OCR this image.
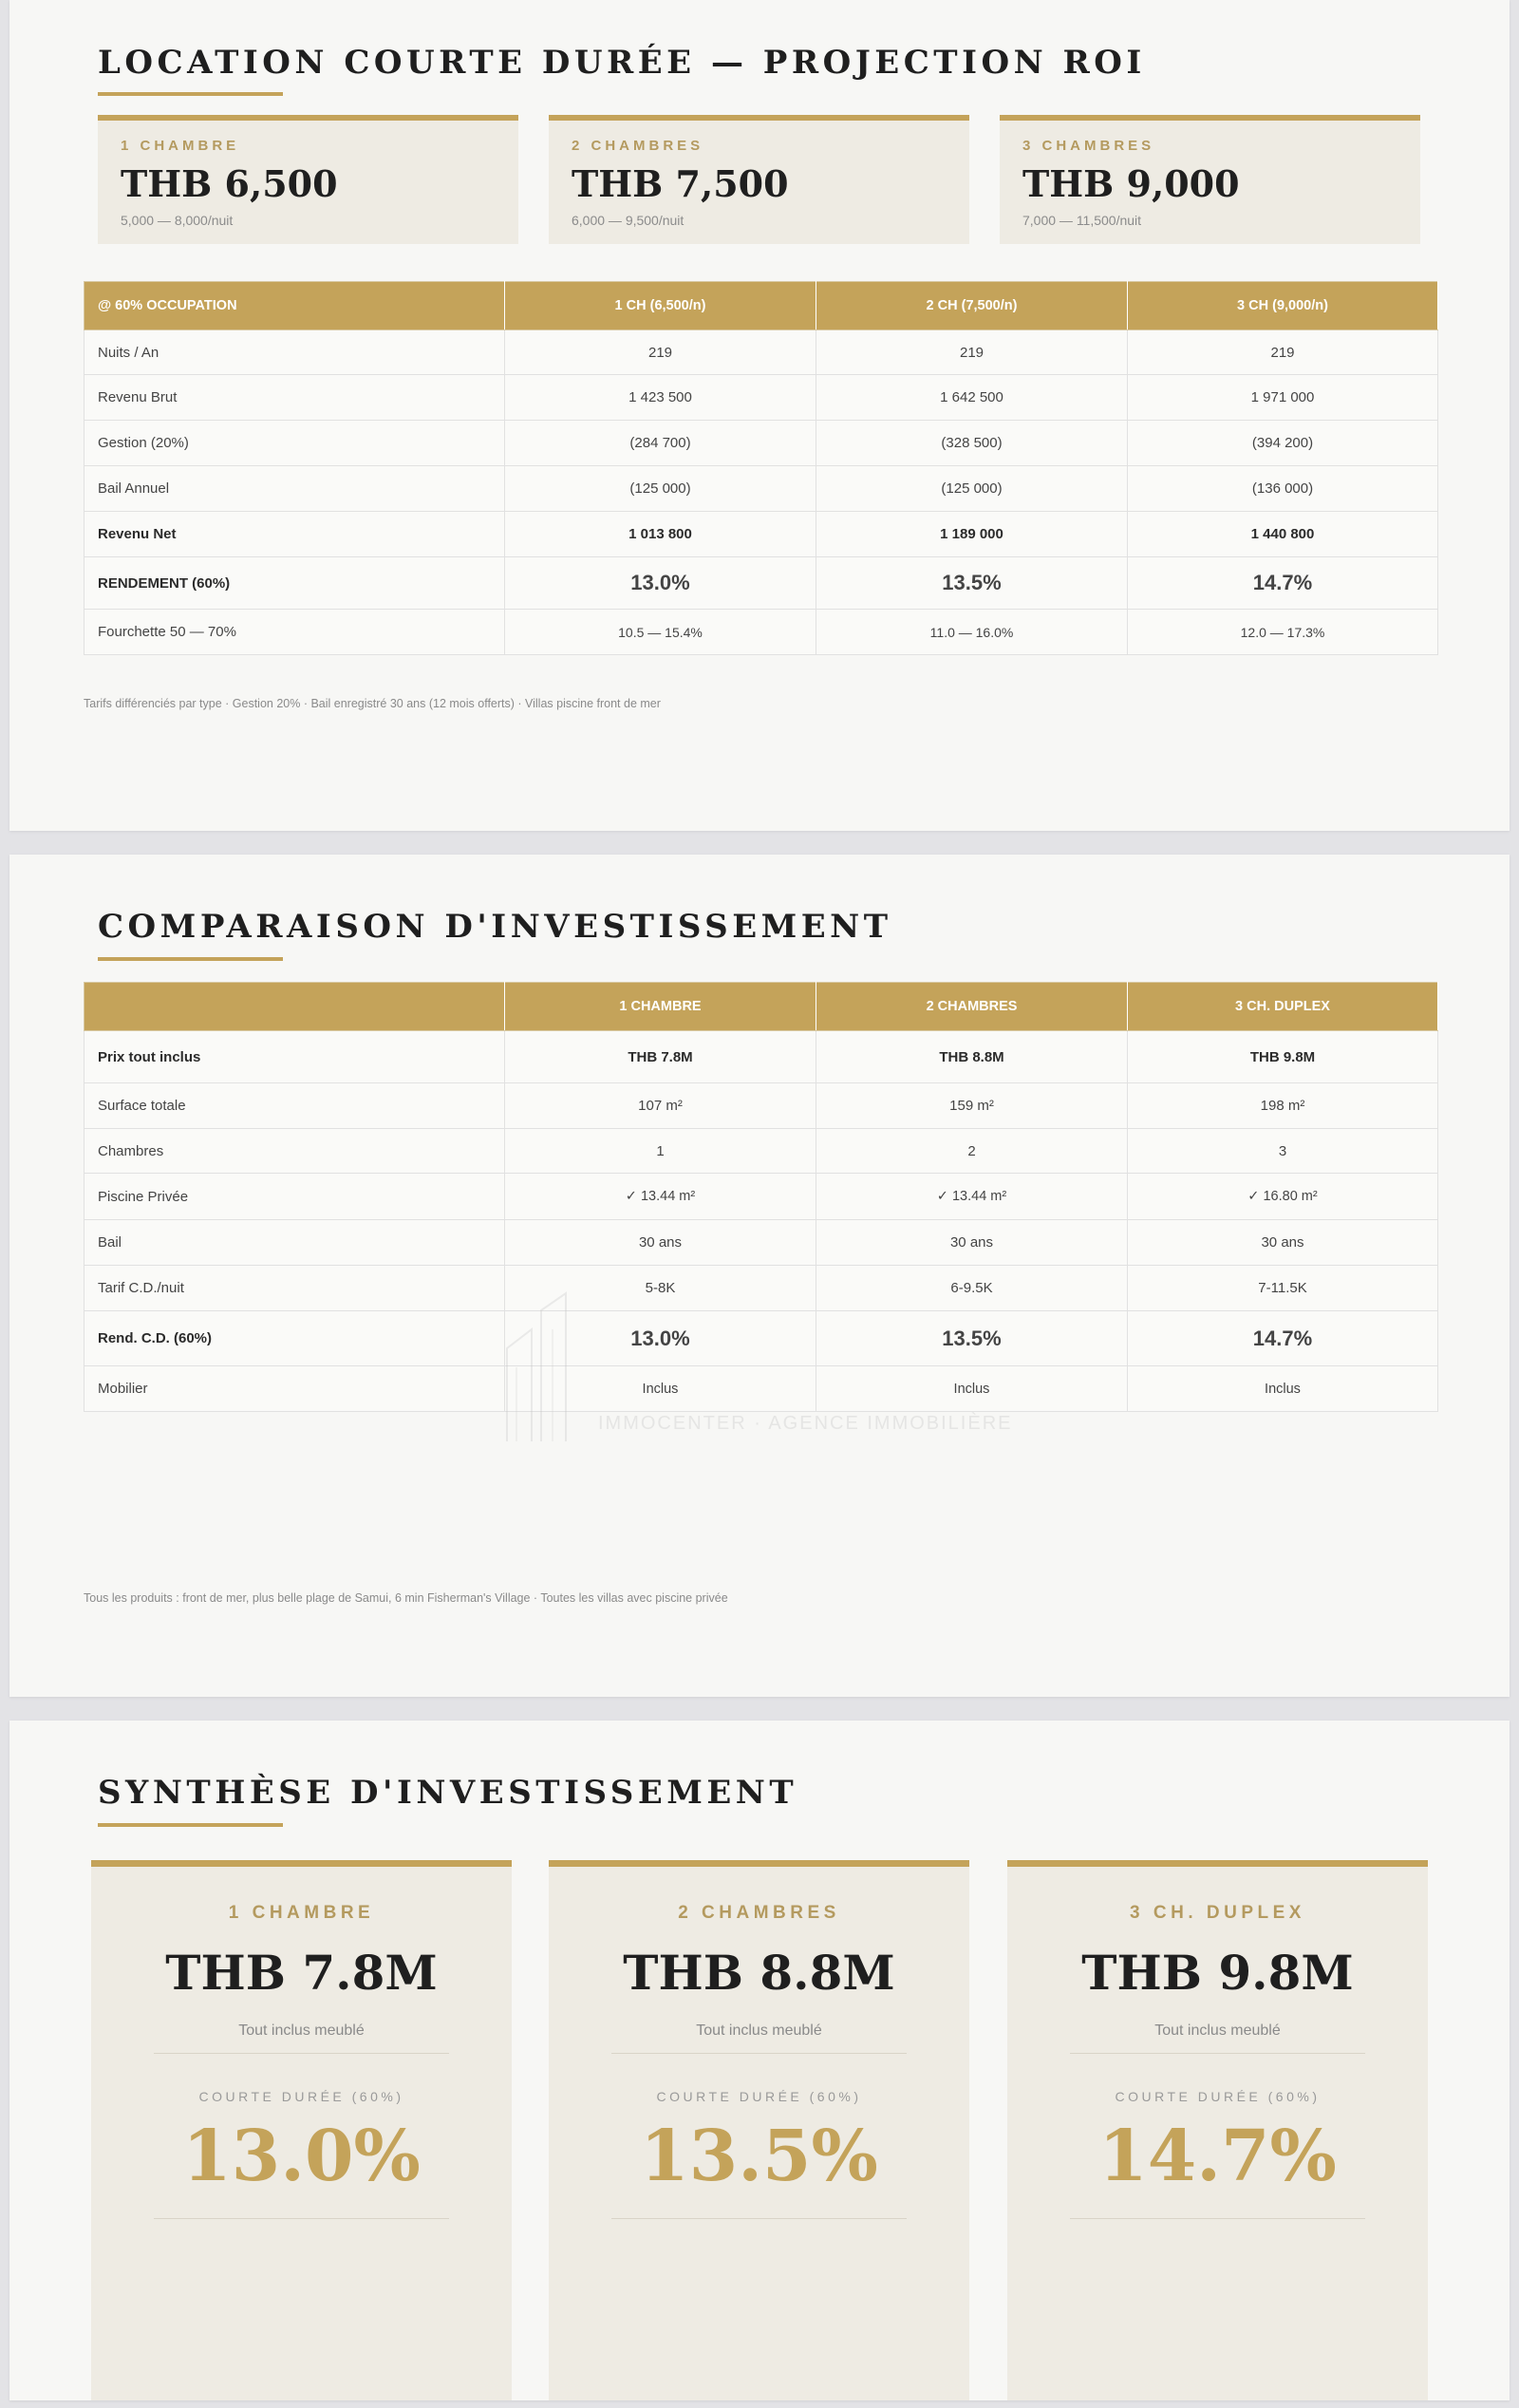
LOCATION COURTE DURÉE — PROJECTION ROI
1 CHAMBRE
THB 6,500
5,000 — 8,000/nuit
2 CHAMBRES
THB 7,500
6,000 — 9,500/nuit
3 CHAMBRES
THB 9,000
7,000 — 11,500/nuit
@ 60% OCCUPATION	1 CH (6,500/n)	2 CH (7,500/n)	3 CH (9,000/n)
Nuits / An	219	219	219
Revenu Brut	1 423 500	1 642 500	1 971 000
Gestion (20%)	(284 700)	(328 500)	(394 200)
Bail Annuel	(125 000)	(125 000)	(136 000)
Revenu Net	1 013 800	1 189 000	1 440 800
RENDEMENT (60%)	13.0%	13.5%	14.7%
Fourchette 50 — 70%	10.5 — 15.4%	11.0 — 16.0%	12.0 — 17.3%
Tarifs différenciés par type · Gestion 20% · Bail enregistré 30 ans (12 mois offerts) · Villas piscine front de mer
COMPARAISON D'INVESTISSEMENT
	1 CHAMBRE	2 CHAMBRES	3 CH. DUPLEX
Prix tout inclus	THB 7.8M	THB 8.8M	THB 9.8M
Surface totale	107 m²	159 m²	198 m²
Chambres	1	2	3
Piscine Privée	✓ 13.44 m²	✓ 13.44 m²	✓ 16.80 m²
Bail	30 ans	30 ans	30 ans
Tarif C.D./nuit	5-8K	6-9.5K	7-11.5K
Rend. C.D. (60%)	13.0%	13.5%	14.7%
Mobilier	Inclus	Inclus	Inclus
IMMOCENTER · AGENCE IMMOBILIÈRE
Tous les produits : front de mer, plus belle plage de Samui, 6 min Fisherman's Village · Toutes les villas avec piscine privée
SYNTHÈSE D'INVESTISSEMENT
1 CHAMBRE
THB 7.8M
Tout inclus meublé
COURTE DURÉE (60%)
13.0%
2 CHAMBRES
THB 8.8M
Tout inclus meublé
COURTE DURÉE (60%)
13.5%
3 CH. DUPLEX
THB 9.8M
Tout inclus meublé
COURTE DURÉE (60%)
14.7%
